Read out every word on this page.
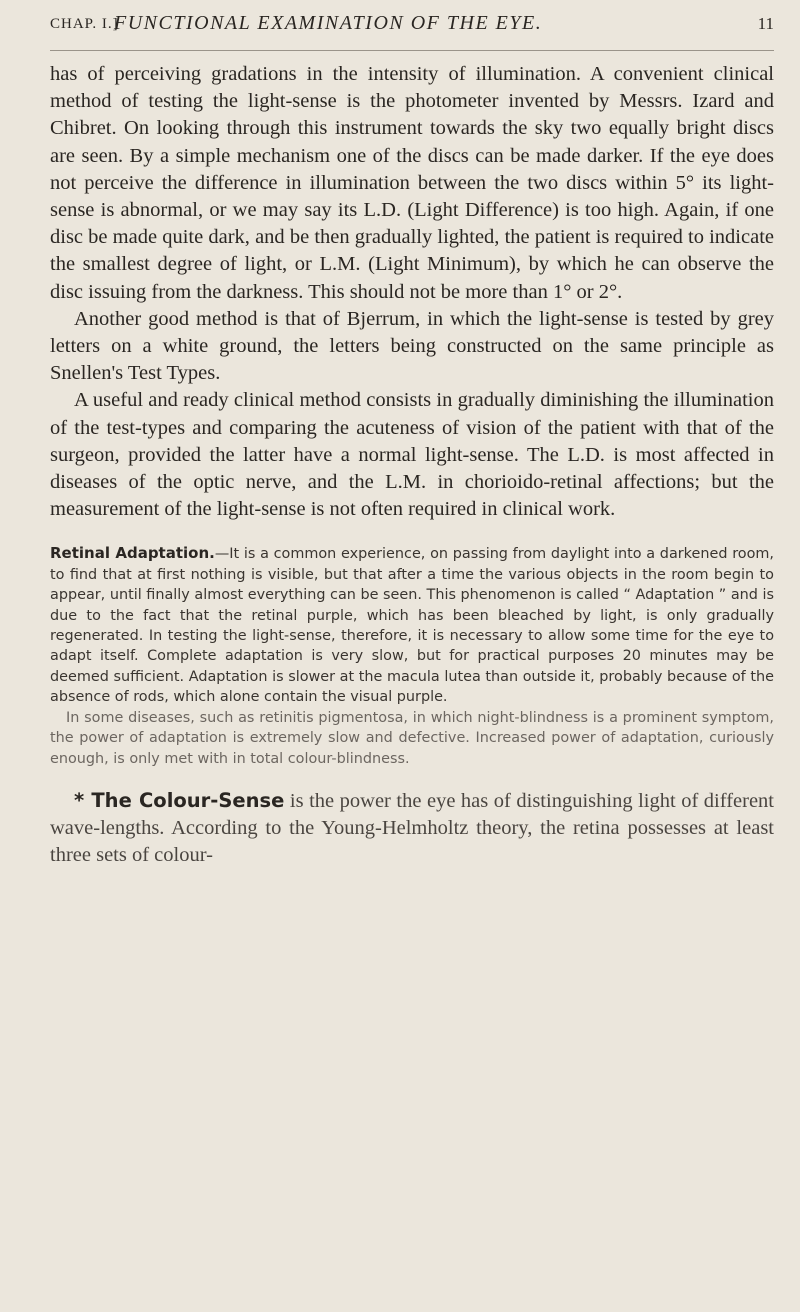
CHAP. I.]
FUNCTIONAL EXAMINATION OF THE EYE.	11

has of perceiving gradations in the intensity of illumination. A convenient clinical method of testing the light-sense is the photometer invented by Messrs. Izard and Chibret. On looking through this instrument towards the sky two equally bright discs are seen. By a simple mechanism one of the discs can be made darker. If the eye does not perceive the difference in illumination between the two discs within 5° its light-sense is abnormal, or we may say its L.D. (Light Difference) is too high. Again, if one disc be made quite dark, and be then gradually lighted, the patient is required to indicate the smallest degree of light, or L.M. (Light Minimum), by which he can observe the disc issuing from the darkness. This should not be more than 1° or 2°.

Another good method is that of Bjerrum, in which the light-sense is tested by grey letters on a white ground, the letters being constructed on the same principle as Snellen's Test Types.

A useful and ready clinical method consists in gradually diminishing the illumination of the test-types and comparing the acuteness of vision of the patient with that of the surgeon, provided the latter have a normal light-sense. The L.D. is most affected in diseases of the optic nerve, and the L.M. in chorioido-retinal affections; but the measurement of the light-sense is not often required in clinical work.

Retinal Adaptation.—It is a common experience, on passing from daylight into a darkened room, to find that at first nothing is visible, but that after a time the various objects in the room begin to appear, until finally almost everything can be seen. This phenomenon is called “ Adaptation ” and is due to the fact that the retinal purple, which has been bleached by light, is only gradually regenerated. In testing the light-sense, therefore, it is necessary to allow some time for the eye to adapt itself. Complete adaptation is very slow, but for practical purposes 20 minutes may be deemed sufficient. Adaptation is slower at the macula lutea than outside it, probably because of the absence of rods, which alone contain the visual purple.

In some diseases, such as retinitis pigmentosa, in which night-blindness is a prominent symptom, the power of adaptation is extremely slow and defective. Increased power of adaptation, curiously enough, is only met with in total colour-blindness.

* The Colour-Sense is the power the eye has of distinguishing light of different wave-lengths. According to the Young-Helmholtz theory, the retina possesses at least three sets of colour-
